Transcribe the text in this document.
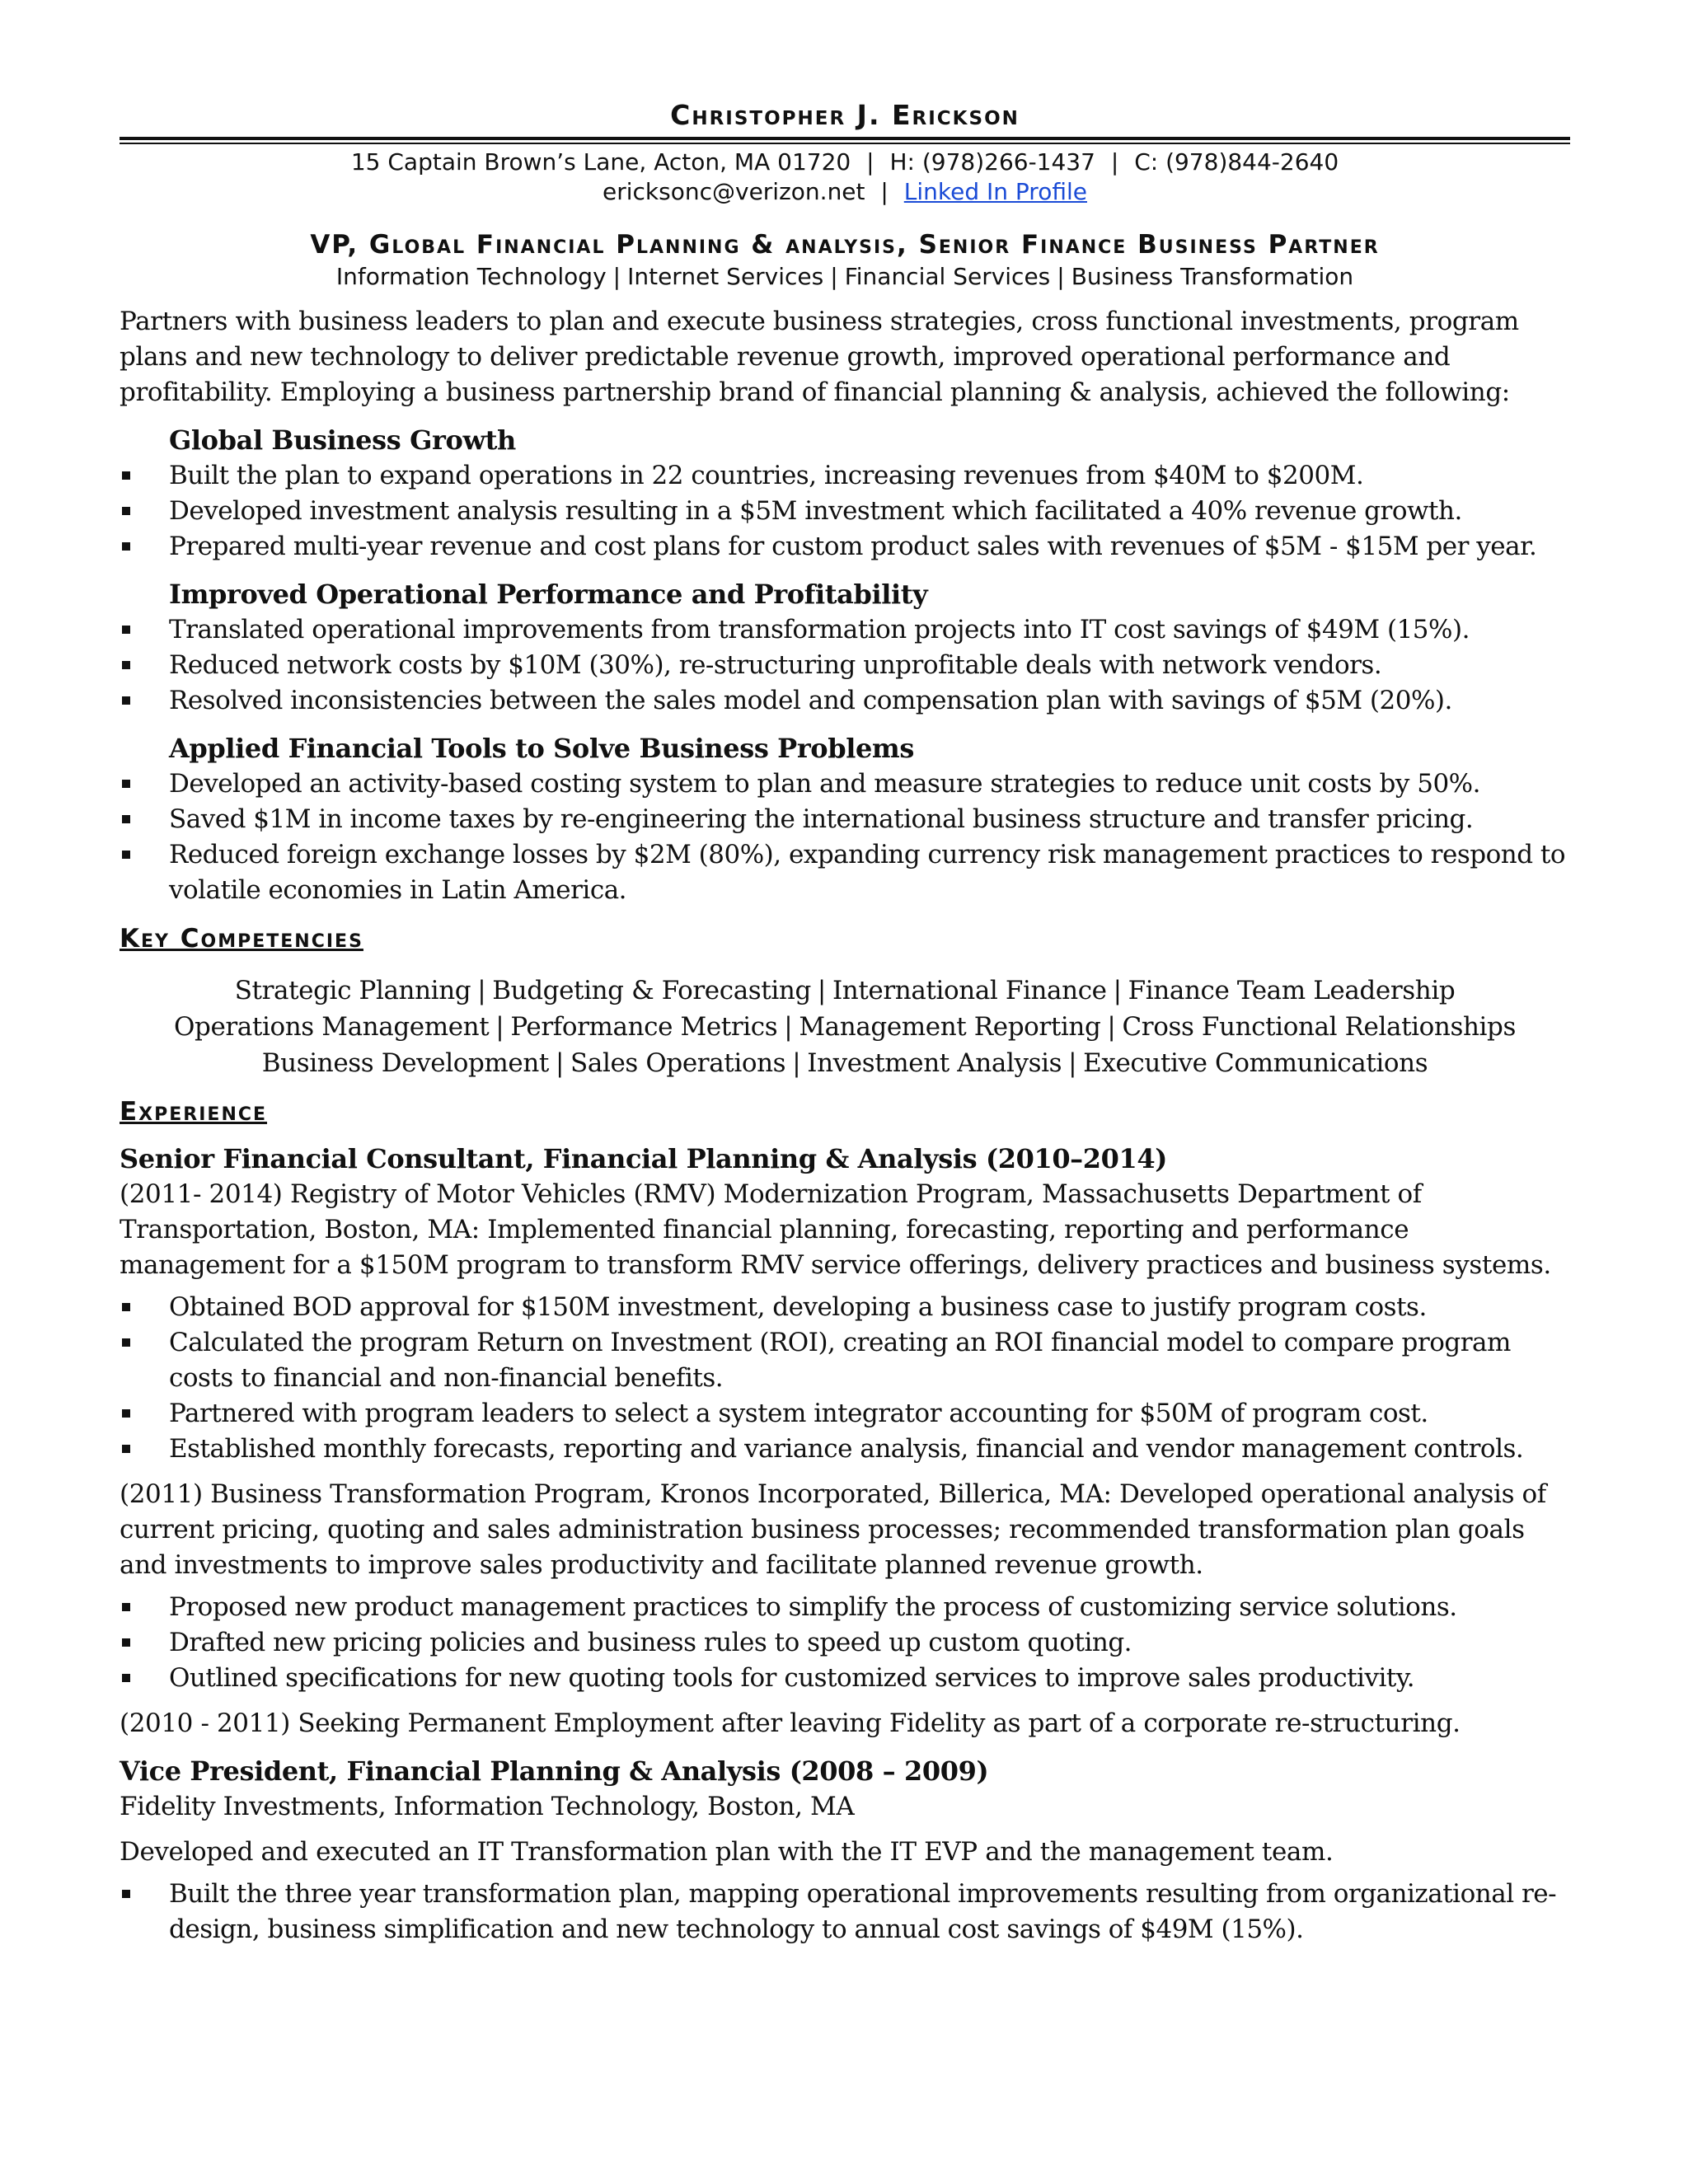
Christopher J. Erickson
15 Captain Brown’s Lane, Acton, MA 01720 | H: (978)266-1437 | C: (978)844-2640
ericksonc@verizon.net | Linked In Profile
VP, Global Financial Planning & analysis, Senior Finance Business Partner
Information Technology | Internet Services | Financial Services | Business Transformation

Partners with business leaders to plan and execute business strategies, cross functional investments, program plans and new technology to deliver predictable revenue growth, improved operational performance and profitability. Employing a business partnership brand of financial planning & analysis, achieved the following:

Global Business Growth
Built the plan to expand operations in 22 countries, increasing revenues from $40M to $200M.
Developed investment analysis resulting in a $5M investment which facilitated a 40% revenue growth.
Prepared multi-year revenue and cost plans for custom product sales with revenues of $5M - $15M per year.
Improved Operational Performance and Profitability
Translated operational improvements from transformation projects into IT cost savings of $49M (15%).
Reduced network costs by $10M (30%), re-structuring unprofitable deals with network vendors.
Resolved inconsistencies between the sales model and compensation plan with savings of $5M (20%).
Applied Financial Tools to Solve Business Problems
Developed an activity-based costing system to plan and measure strategies to reduce unit costs by 50%.
Saved $1M in income taxes by re-engineering the international business structure and transfer pricing.
Reduced foreign exchange losses by $2M (80%), expanding currency risk management practices to respond to volatile economies in Latin America.
Key Competencies
Strategic Planning | Budgeting & Forecasting | International Finance | Finance Team Leadership
Operations Management | Performance Metrics | Management Reporting | Cross Functional Relationships
Business Development | Sales Operations | Investment Analysis | Executive Communications
Experience
Senior Financial Consultant, Financial Planning & Analysis (2010–2014)

(2011- 2014) Registry of Motor Vehicles (RMV) Modernization Program, Massachusetts Department of Transportation, Boston, MA: Implemented financial planning, forecasting, reporting and performance management for a $150M program to transform RMV service offerings, delivery practices and business systems.

Obtained BOD approval for $150M investment, developing a business case to justify program costs.
Calculated the program Return on Investment (ROI), creating an ROI financial model to compare program costs to financial and non-financial benefits.
Partnered with program leaders to select a system integrator accounting for $50M of program cost.
Established monthly forecasts, reporting and variance analysis, financial and vendor management controls.

(2011) Business Transformation Program, Kronos Incorporated, Billerica, MA: Developed operational analysis of current pricing, quoting and sales administration business processes; recommended transformation plan goals and investments to improve sales productivity and facilitate planned revenue growth.

Proposed new product management practices to simplify the process of customizing service solutions.
Drafted new pricing policies and business rules to speed up custom quoting.
Outlined specifications for new quoting tools for customized services to improve sales productivity.

(2010 - 2011) Seeking Permanent Employment after leaving Fidelity as part of a corporate re-structuring.

Vice President, Financial Planning & Analysis (2008 – 2009)

Fidelity Investments, Information Technology, Boston, MA

Developed and executed an IT Transformation plan with the IT EVP and the management team.

Built the three year transformation plan, mapping operational improvements resulting from organizational re-design, business simplification and new technology to annual cost savings of $49M (15%).
